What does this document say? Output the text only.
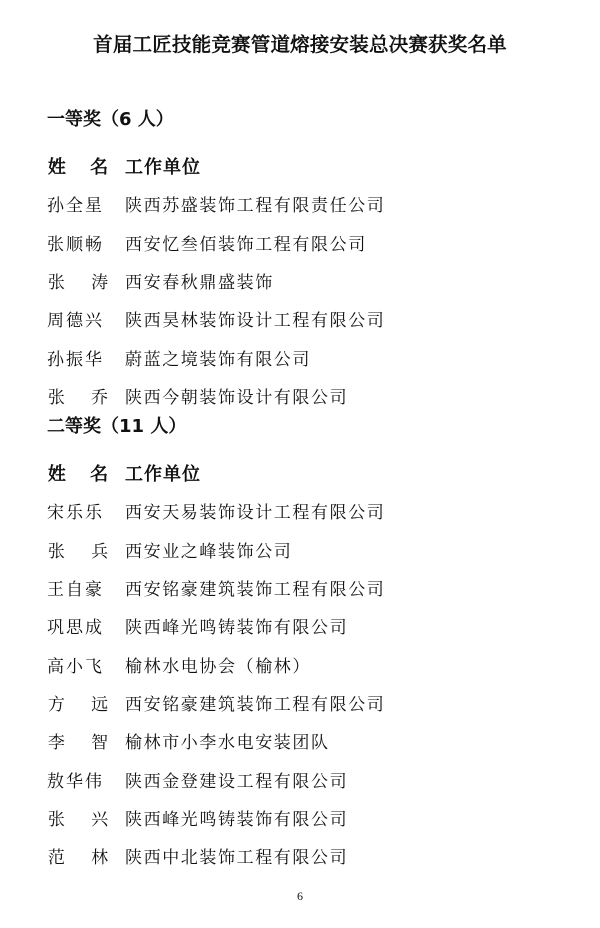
首届工匠技能竞赛管道熔接安装总决赛获奖名单
一等奖（6 人）
姓 名 工作单位
孙全星	陕西苏盛装饰工程有限责任公司
张顺畅	西安忆叁佰装饰工程有限公司
张 涛 西安春秋鼎盛装饰
周德兴	陕西昊林装饰设计工程有限公司
孙振华	蔚蓝之境装饰有限公司
张 乔 陕西今朝装饰设计有限公司
二等奖（11 人）
姓 名 工作单位
宋乐乐	西安天易装饰设计工程有限公司
张 兵 西安业之峰装饰公司
王自豪	西安铭豪建筑装饰工程有限公司
巩思成	陕西峰光鸣铸装饰有限公司
高小飞	榆林水电协会（榆林）
方 远 西安铭豪建筑装饰工程有限公司
李 智 榆林市小李水电安装团队
敖华伟	陕西金登建设工程有限公司
张 兴 陕西峰光鸣铸装饰有限公司
范 林 陕西中北装饰工程有限公司
6
